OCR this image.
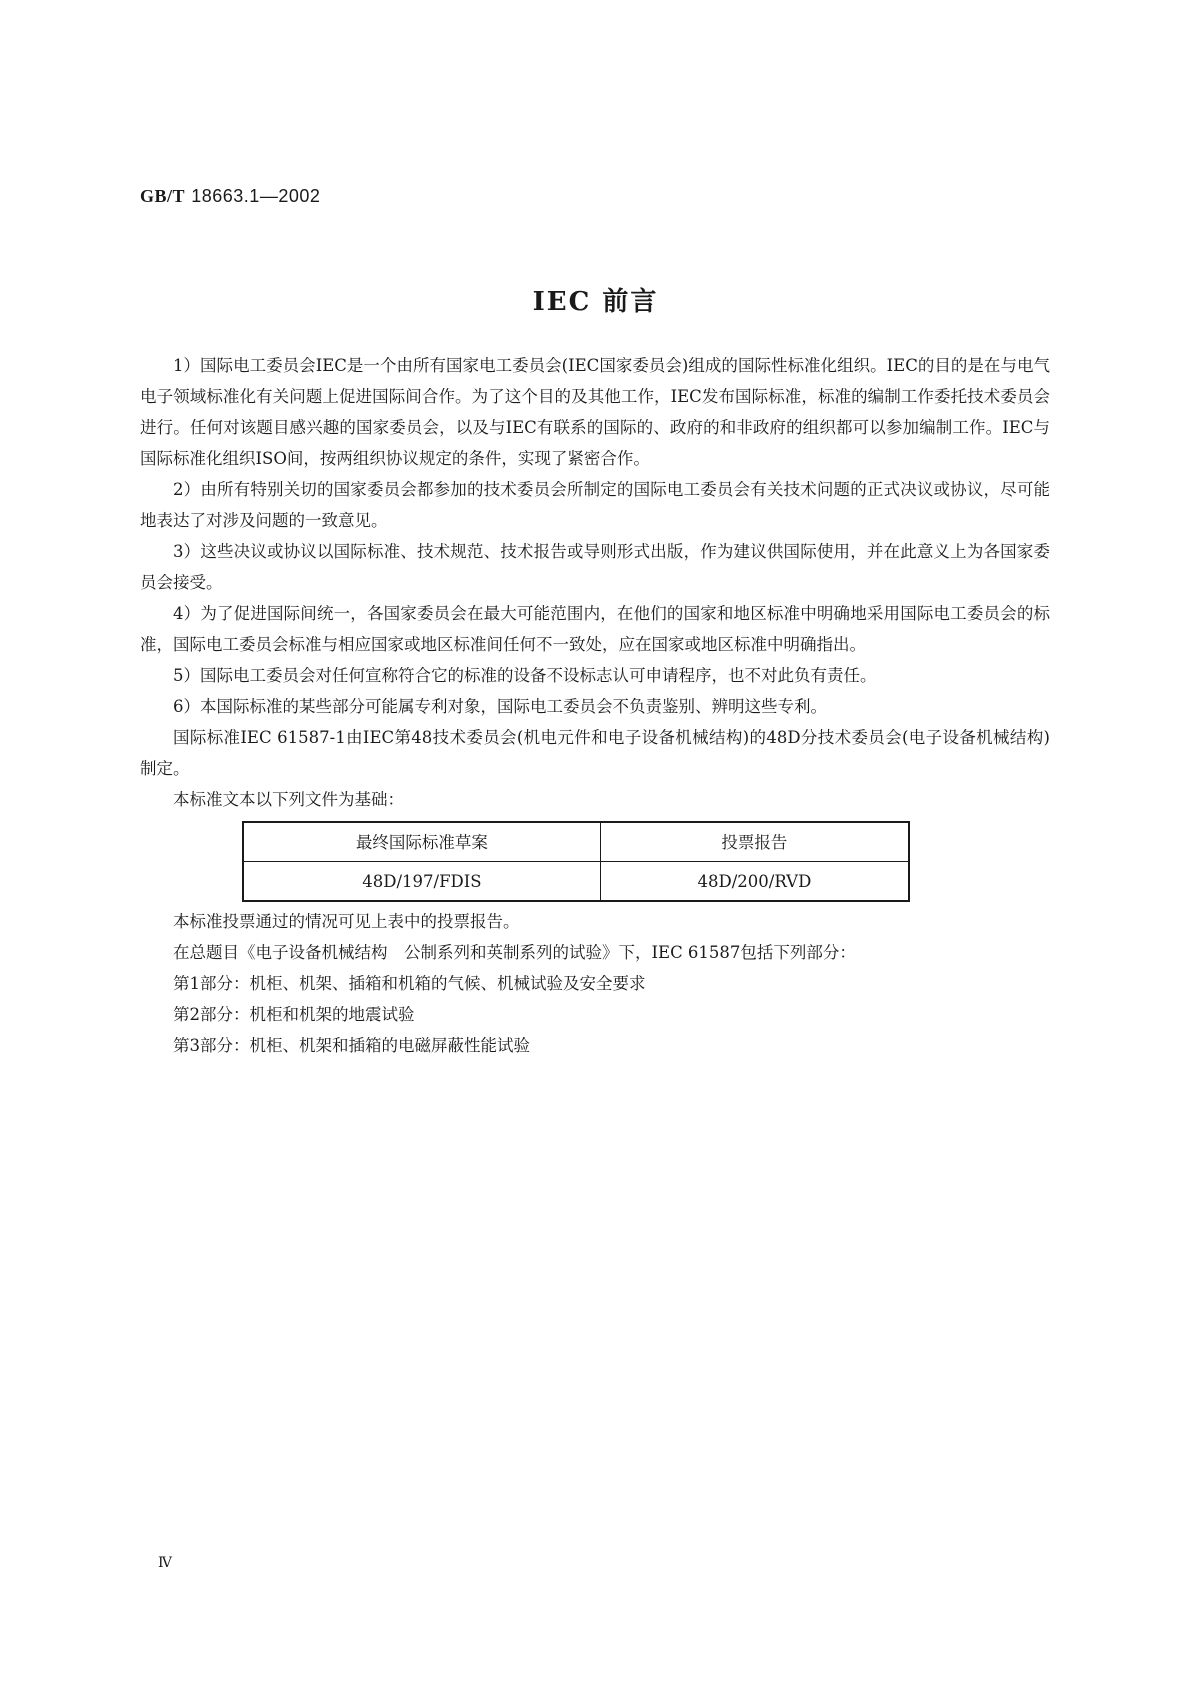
GB/T 18663.1—2002
IEC 前言

1）国际电工委员会IEC是一个由所有国家电工委员会(IEC国家委员会)组成的国际性标准化组织。IEC的目的是在与电气电子领域标准化有关问题上促进国际间合作。为了这个目的及其他工作，IEC发布国际标准，标准的编制工作委托技术委员会进行。任何对该题目感兴趣的国家委员会，以及与IEC有联系的国际的、政府的和非政府的组织都可以参加编制工作。IEC与国际标准化组织ISO间，按两组织协议规定的条件，实现了紧密合作。

2）由所有特别关切的国家委员会都参加的技术委员会所制定的国际电工委员会有关技术问题的正式决议或协议，尽可能地表达了对涉及问题的一致意见。

3）这些决议或协议以国际标准、技术规范、技术报告或导则形式出版，作为建议供国际使用，并在此意义上为各国家委员会接受。

4）为了促进国际间统一，各国家委员会在最大可能范围内，在他们的国家和地区标准中明确地采用国际电工委员会的标准，国际电工委员会标准与相应国家或地区标准间任何不一致处，应在国家或地区标准中明确指出。

5）国际电工委员会对任何宣称符合它的标准的设备不设标志认可申请程序，也不对此负有责任。

6）本国际标准的某些部分可能属专利对象，国际电工委员会不负责鉴别、辨明这些专利。

国际标准IEC 61587-1由IEC第48技术委员会(机电元件和电子设备机械结构)的48D分技术委员会(电子设备机械结构)制定。

本标准文本以下列文件为基础：

最终国际标准草案	投票报告
48D/197/FDIS	48D/200/RVD

本标准投票通过的情况可见上表中的投票报告。

在总题目《电子设备机械结构　公制系列和英制系列的试验》下，IEC 61587包括下列部分：

第1部分：机柜、机架、插箱和机箱的气候、机械试验及安全要求

第2部分：机柜和机架的地震试验

第3部分：机柜、机架和插箱的电磁屏蔽性能试验

Ⅳ
